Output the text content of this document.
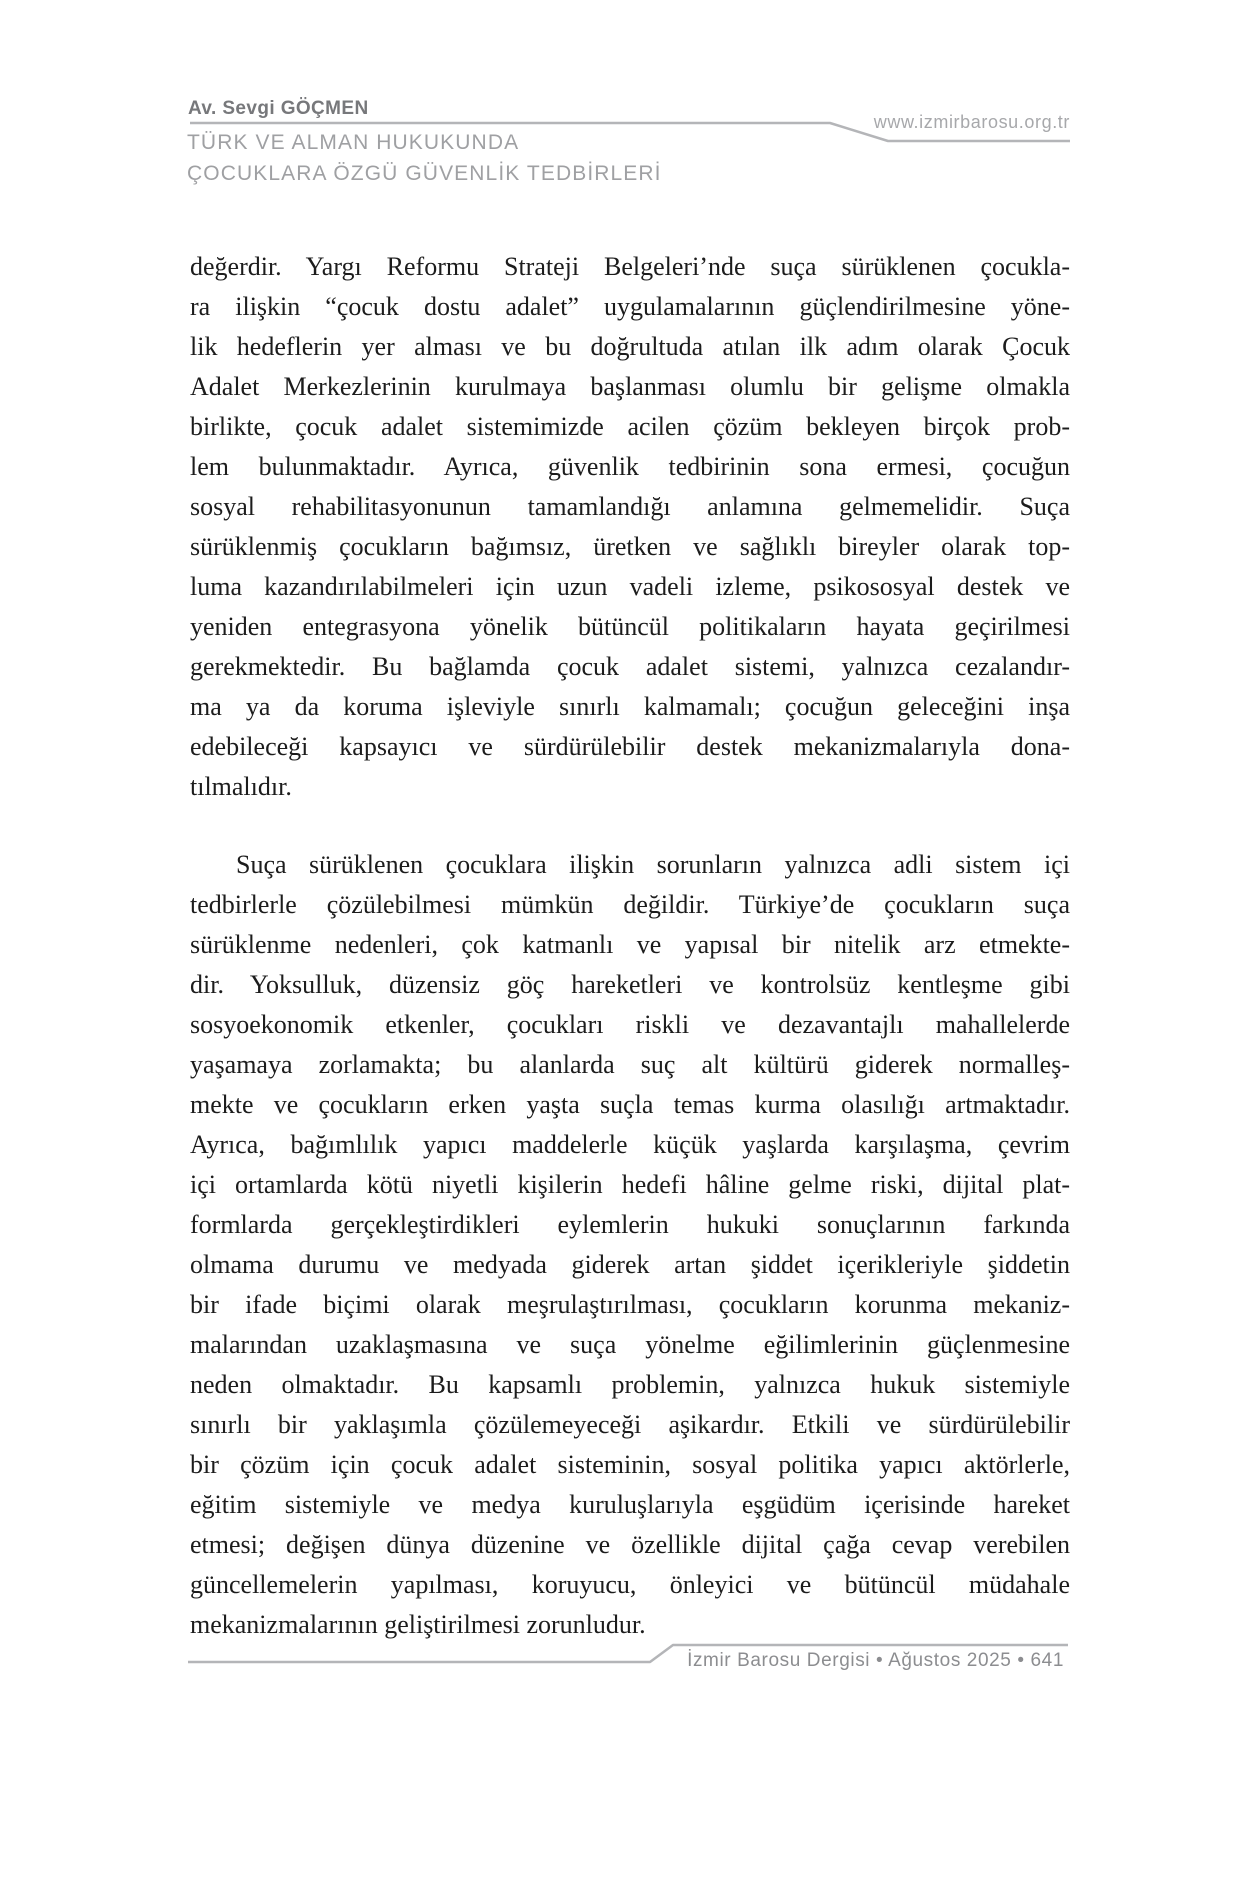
Av. Sevgi GÖÇMEN
www.izmirbarosu.org.tr
TÜRK VE ALMAN HUKUKUNDA
ÇOCUKLARA ÖZGÜ GÜVENLİK TEDBİRLERİ
değerdir. Yargı Reformu Strateji Belgeleri’nde suça sürüklenen çocukla-
ra ilişkin “çocuk dostu adalet” uygulamalarının güçlendirilmesine yöne-
lik hedeflerin yer alması ve bu doğrultuda atılan ilk adım olarak Çocuk
Adalet Merkezlerinin kurulmaya başlanması olumlu bir gelişme olmakla
birlikte, çocuk adalet sistemimizde acilen çözüm bekleyen birçok prob-
lem bulunmaktadır. Ayrıca, güvenlik tedbirinin sona ermesi, çocuğun
sosyal rehabilitasyonunun tamamlandığı anlamına gelmemelidir. Suça
sürüklenmiş çocukların bağımsız, üretken ve sağlıklı bireyler olarak top-
luma kazandırılabilmeleri için uzun vadeli izleme, psikososyal destek ve
yeniden entegrasyona yönelik bütüncül politikaların hayata geçirilmesi
gerekmektedir. Bu bağlamda çocuk adalet sistemi, yalnızca cezalandır-
ma ya da koruma işleviyle sınırlı kalmamalı; çocuğun geleceğini inşa
edebileceği kapsayıcı ve sürdürülebilir destek mekanizmalarıyla dona-
tılmalıdır.
Suça sürüklenen çocuklara ilişkin sorunların yalnızca adli sistem içi
tedbirlerle çözülebilmesi mümkün değildir. Türkiye’de çocukların suça
sürüklenme nedenleri, çok katmanlı ve yapısal bir nitelik arz etmekte-
dir. Yoksulluk, düzensiz göç hareketleri ve kontrolsüz kentleşme gibi
sosyoekonomik etkenler, çocukları riskli ve dezavantajlı mahallelerde
yaşamaya zorlamakta; bu alanlarda suç alt kültürü giderek normalleş-
mekte ve çocukların erken yaşta suçla temas kurma olasılığı artmaktadır.
Ayrıca, bağımlılık yapıcı maddelerle küçük yaşlarda karşılaşma, çevrim
içi ortamlarda kötü niyetli kişilerin hedefi hâline gelme riski, dijital plat-
formlarda gerçekleştirdikleri eylemlerin hukuki sonuçlarının farkında
olmama durumu ve medyada giderek artan şiddet içerikleriyle şiddetin
bir ifade biçimi olarak meşrulaştırılması, çocukların korunma mekaniz-
malarından uzaklaşmasına ve suça yönelme eğilimlerinin güçlenmesine
neden olmaktadır. Bu kapsamlı problemin, yalnızca hukuk sistemiyle
sınırlı bir yaklaşımla çözülemeyeceği aşikardır. Etkili ve sürdürülebilir
bir çözüm için çocuk adalet sisteminin, sosyal politika yapıcı aktörlerle,
eğitim sistemiyle ve medya kuruluşlarıyla eşgüdüm içerisinde hareket
etmesi; değişen dünya düzenine ve özellikle dijital çağa cevap verebilen
güncellemelerin yapılması, koruyucu, önleyici ve bütüncül müdahale
mekanizmalarının geliştirilmesi zorunludur.
İzmir Barosu Dergisi • Ağustos 2025 • 641
